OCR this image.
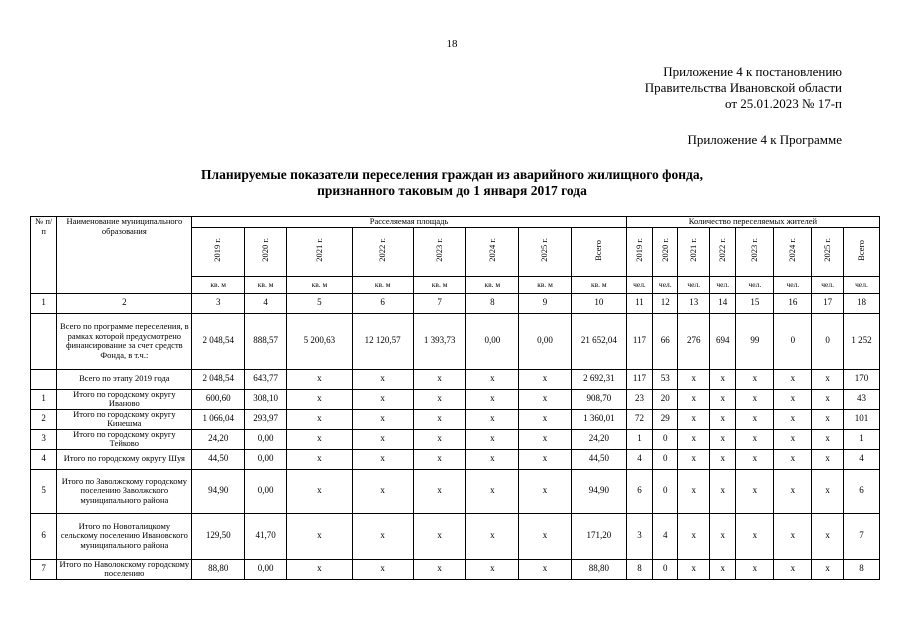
18
Приложение 4 к постановлению
Правительства Ивановской области
от 25.01.2023 № 17-п
Приложение 4 к Программе
Планируемые показатели переселения граждан из аварийного жилищного фонда,
признанного таковым до 1 января 2017 года
№ п/п	Наименование муниципального образования	Расселяемая площадь								Количество переселяемых жителей							
		2019 г.	2020 г.	2021 г.	2022 г.	2023 г.	2024 г.	2025 г.	Всего	2019 г.	2020 г.	2021 г.	2022 г.	2023 г.	2024 г.	2025 г.	Всего
		кв. м	кв. м	кв. м	кв. м	кв. м	кв. м	кв. м	кв. м	чел.	чел.	чел.	чел.	чел.	чел.	чел.	чел.
1	2	3	4	5	6	7	8	9	10	11	12	13	14	15	16	17	18
	Всего по программе переселения, в рамках которой предусмотрено финансирование за счет средств Фонда, в т.ч.:	2 048,54	888,57	5 200,63	12 120,57	1 393,73	0,00	0,00	21 652,04	117	66	276	694	99	0	0	1 252
	Всего по этапу 2019 года	2 048,54	643,77	х	х	х	х	х	2 692,31	117	53	х	х	х	х	х	170
1	Итого по городскому округу Иваново	600,60	308,10	х	х	х	х	х	908,70	23	20	х	х	х	х	х	43
2	Итого по городскому округу Кинешма	1 066,04	293,97	х	х	х	х	х	1 360,01	72	29	х	х	х	х	х	101
3	Итого по городскому округу Тейково	24,20	0,00	х	х	х	х	х	24,20	1	0	х	х	х	х	х	1
4	Итого по городскому округу Шуя	44,50	0,00	х	х	х	х	х	44,50	4	0	х	х	х	х	х	4
5	Итого по Заволжскому городскому поселению Заволжского муниципального района	94,90	0,00	х	х	х	х	х	94,90	6	0	х	х	х	х	х	6
6	Итого по Новоталицкому сельскому поселению Ивановского муниципального района	129,50	41,70	х	х	х	х	х	171,20	3	4	х	х	х	х	х	7
7	Итого по Наволокскому городскому поселению	88,80	0,00	х	х	х	х	х	88,80	8	0	х	х	х	х	х	8
